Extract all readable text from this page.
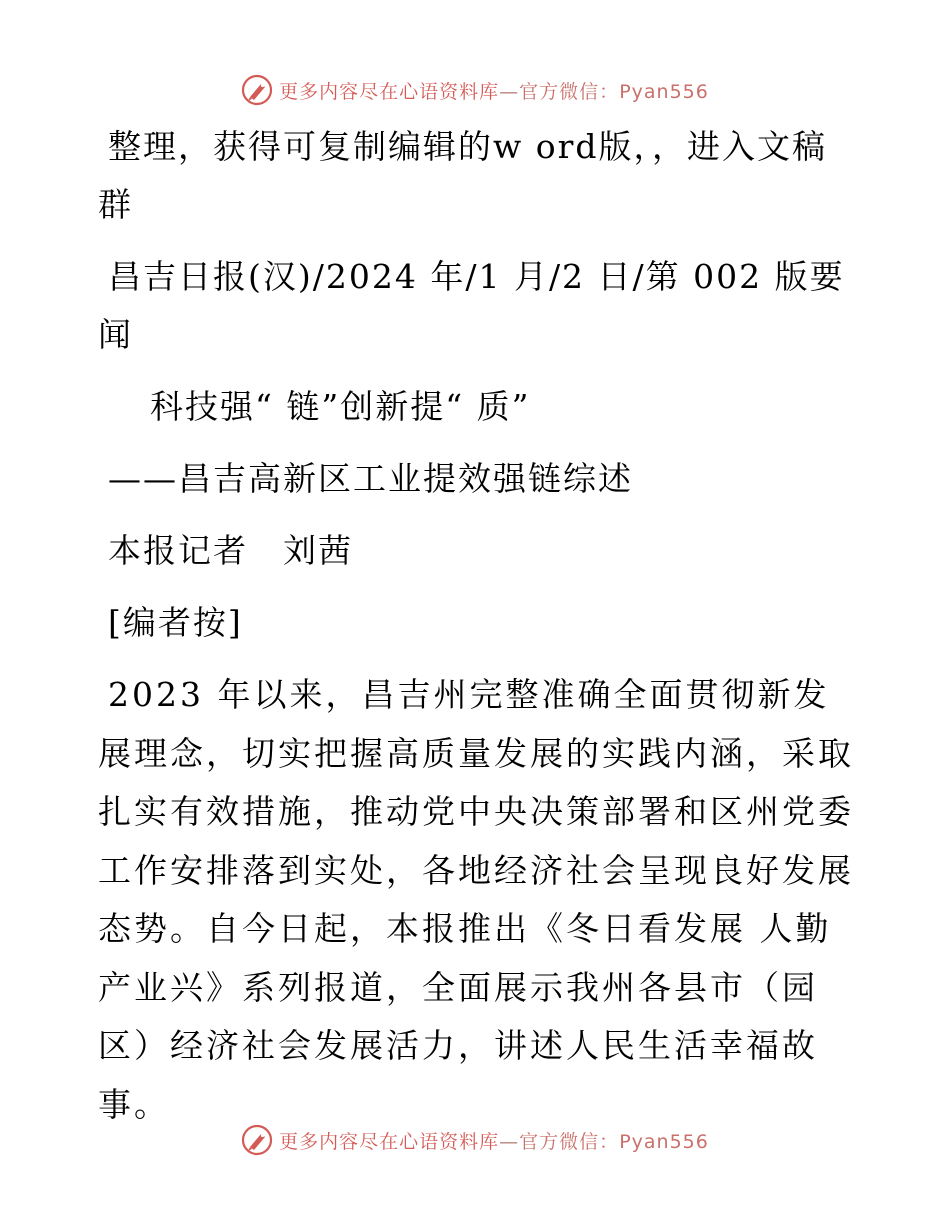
更多内容尽在心语资料库—官方微信：Pyan556

整理，获得可复制编辑的w ord版，，进入文稿群

昌吉日报(汉)/2024 年/1 月/2 日/第 002 版要闻

科技强“ 链”创新提“ 质”

——昌吉高新区工业提效强链综述

本报记者　刘茜

[编者按]

2023 年以来，昌吉州完整准确全面贯彻新发展理念，切实把握高质量发展的实践内涵，采取扎实有效措施，推动党中央决策部署和区州党委工作安排落到实处，各地经济社会呈现良好发展态势。自今日起，本报推出《冬日看发展 人勤产业兴》系列报道，全面展示我州各县市（园区）经济社会发展活力，讲述人民生活幸福故事。

更多内容尽在心语资料库—官方微信：Pyan556
